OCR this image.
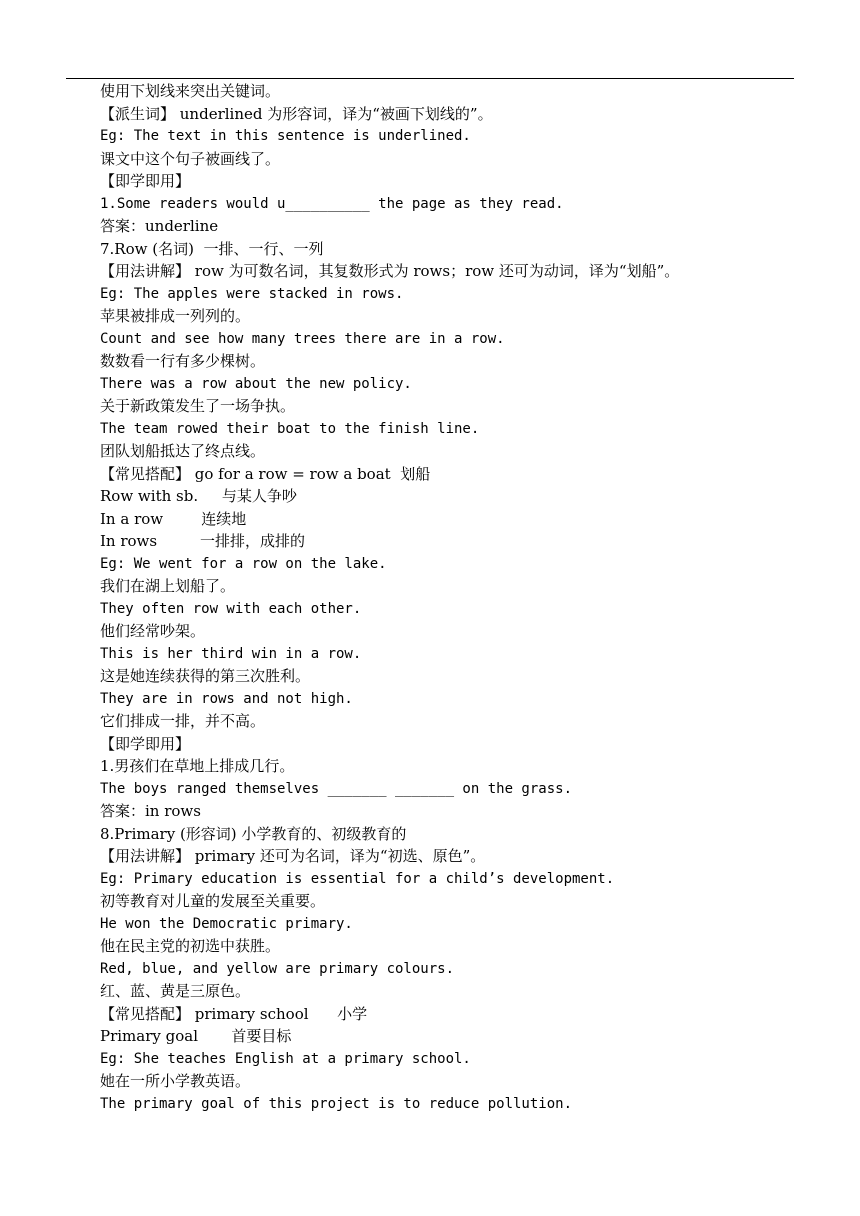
使用下划线来突出关键词。
【派生词】 underlined 为形容词，译为“被画下划线的”。
Eg: The text in this sentence is underlined.
课文中这个句子被画线了。
【即学即用】
1.Some readers would u__________ the page as they read.
答案：underline
7.Row (名词)  一排、一行、一列
【用法讲解】 row 为可数名词，其复数形式为 rows；row 还可为动词，译为“划船”。
Eg: The apples were stacked in rows.
苹果被排成一列列的。
Count and see how many trees there are in a row.
数数看一行有多少棵树。
There was a row about the new policy.
关于新政策发生了一场争执。
The team rowed their boat to the finish line.
团队划船抵达了终点线。
【常见搭配】 go for a row = row a boat  划船
Row with sb.     与某人争吵
In a row        连续地
In rows         一排排，成排的
Eg: We went for a row on the lake.
我们在湖上划船了。
They often row with each other.
他们经常吵架。
This is her third win in a row.
这是她连续获得的第三次胜利。
They are in rows and not high.
它们排成一排，并不高。
【即学即用】
1.男孩们在草地上排成几行。
The boys ranged themselves _______ _______ on the grass.
答案：in rows
8.Primary (形容词) 小学教育的、初级教育的
【用法讲解】 primary 还可为名词，译为“初选、原色”。
Eg: Primary education is essential for a child’s development.
初等教育对儿童的发展至关重要。
He won the Democratic primary.
他在民主党的初选中获胜。
Red, blue, and yellow are primary colours.
红、蓝、黄是三原色。
【常见搭配】 primary school      小学
Primary goal       首要目标
Eg: She teaches English at a primary school.
她在一所小学教英语。
The primary goal of this project is to reduce pollution.
